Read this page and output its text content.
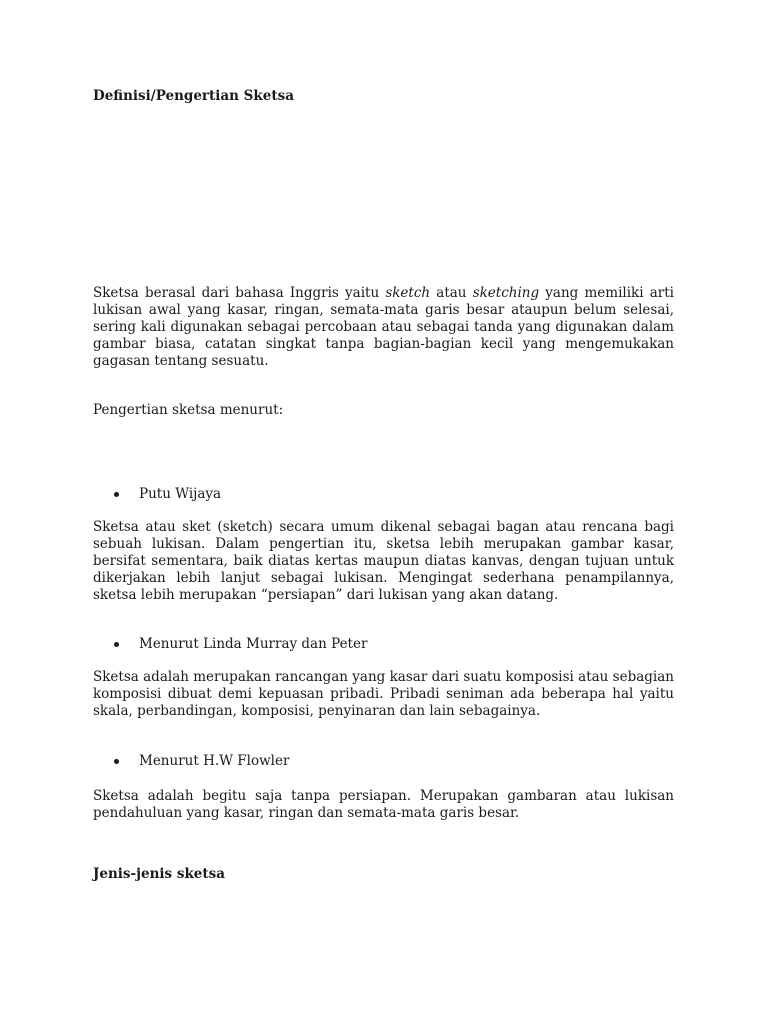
Definisi/Pengertian Sketsa

Sketsa berasal dari bahasa Inggris yaitu sketch atau sketching yang memiliki arti lukisan awal yang kasar, ringan, semata-mata garis besar ataupun belum selesai, sering kali digunakan sebagai percobaan atau sebagai tanda yang digunakan dalam gambar biasa, catatan singkat tanpa bagian-bagian kecil yang mengemukakan gagasan tentang sesuatu.

Pengertian sketsa menurut:

Putu Wijaya

Sketsa atau sket (sketch) secara umum dikenal sebagai bagan atau rencana bagi sebuah lukisan. Dalam pengertian itu, sketsa lebih merupakan gambar kasar, bersifat sementara, baik diatas kertas maupun diatas kanvas, dengan tujuan untuk dikerjakan lebih lanjut sebagai lukisan. Mengingat sederhana penampilannya, sketsa lebih merupakan “persiapan” dari lukisan yang akan datang.

Menurut Linda Murray dan Peter

Sketsa adalah merupakan rancangan yang kasar dari suatu komposisi atau sebagian komposisi dibuat demi kepuasan pribadi. Pribadi seniman ada beberapa hal yaitu skala, perbandingan, komposisi, penyinaran dan lain sebagainya.

Menurut H.W Flowler

Sketsa adalah begitu saja tanpa persiapan. Merupakan gambaran atau lukisan pendahuluan yang kasar, ringan dan semata-mata garis besar.

Jenis-jenis sketsa
